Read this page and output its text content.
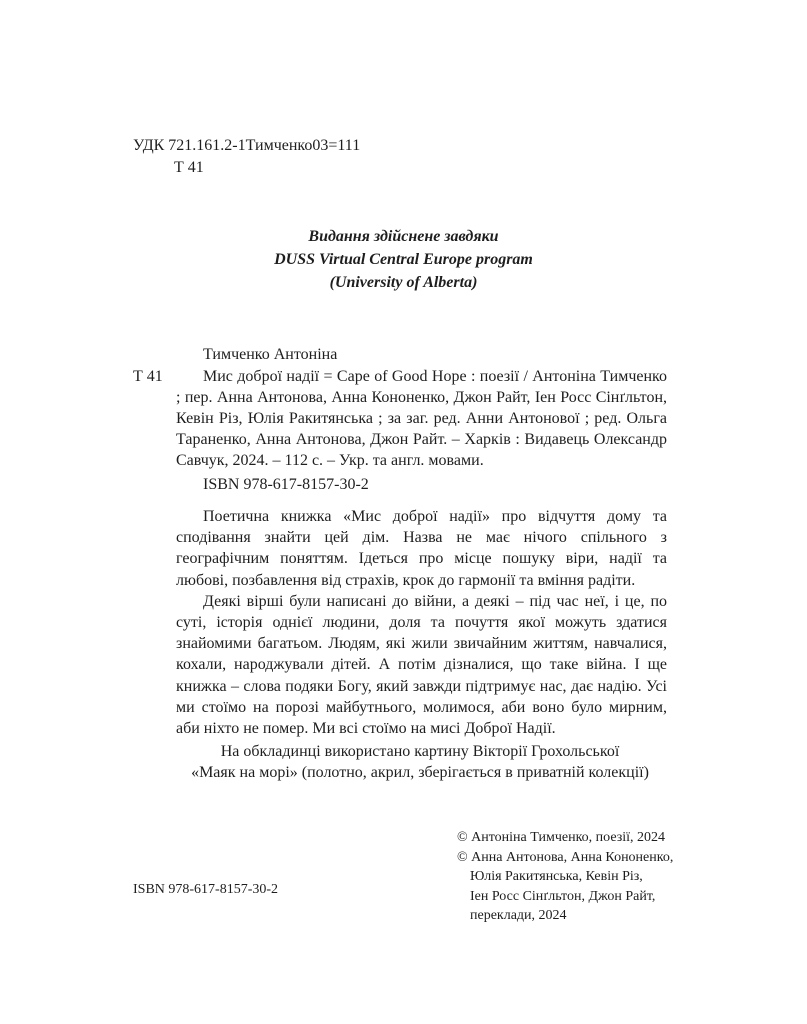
УДК 721.161.2-1Тимченко03=111
Т 41
Видання здійснене завдяки
DUSS Virtual Central Europe program
(University of Alberta)
Тимченко Антоніна
Т 41	Мис доброї надії = Cape of Good Hope : поезії / Антоніна Тимченко ; пер. Анна Антонова, Анна Кононенко, Джон Райт, Іен Росс Сінґльтон, Кевін Різ, Юлія Ракитянська ; за заг. ред. Анни Антонової ; ред. Ольга Тараненко, Анна Антонова, Джон Райт. – Харків : Видавець Олександр Савчук, 2024. – 112 с. – Укр. та англ. мовами.
ISBN 978-617-8157-30-2

Поетична книжка «Мис доброї надії» про відчуття дому та сподівання знайти цей дім. Назва не має нічого спільного з географічним поняттям. Ідеться про місце пошуку віри, надії та любові, позбавлення від страхів, крок до гармонії та вміння радіти.

Деякі вірші були написані до війни, а деякі – під час неї, і це, по суті, історія однієї людини, доля та почуття якої можуть здатися знайомими багатьом. Людям, які жили звичайним життям, навчалися, кохали, народжували дітей. А потім дізналися, що таке війна. І ще книжка – слова подяки Богу, який завжди підтримує нас, дає надію. Усі ми стоїмо на порозі майбутнього, молимося, аби воно було мирним, аби ніхто не помер. Ми всі стоїмо на мисі Доброї Надії.

На обкладинці використано картину Вікторії Грохольської
«Маяк на морі» (полотно, акрил, зберігається в приватній колекції)
© Антоніна Тимченко, поезії, 2024
© Анна Антонова, Анна Кононенко,
Юлія Ракитянська, Кевін Різ,
Іен Росс Сінґльтон, Джон Райт,
переклади, 2024
ISBN 978-617-8157-30-2
